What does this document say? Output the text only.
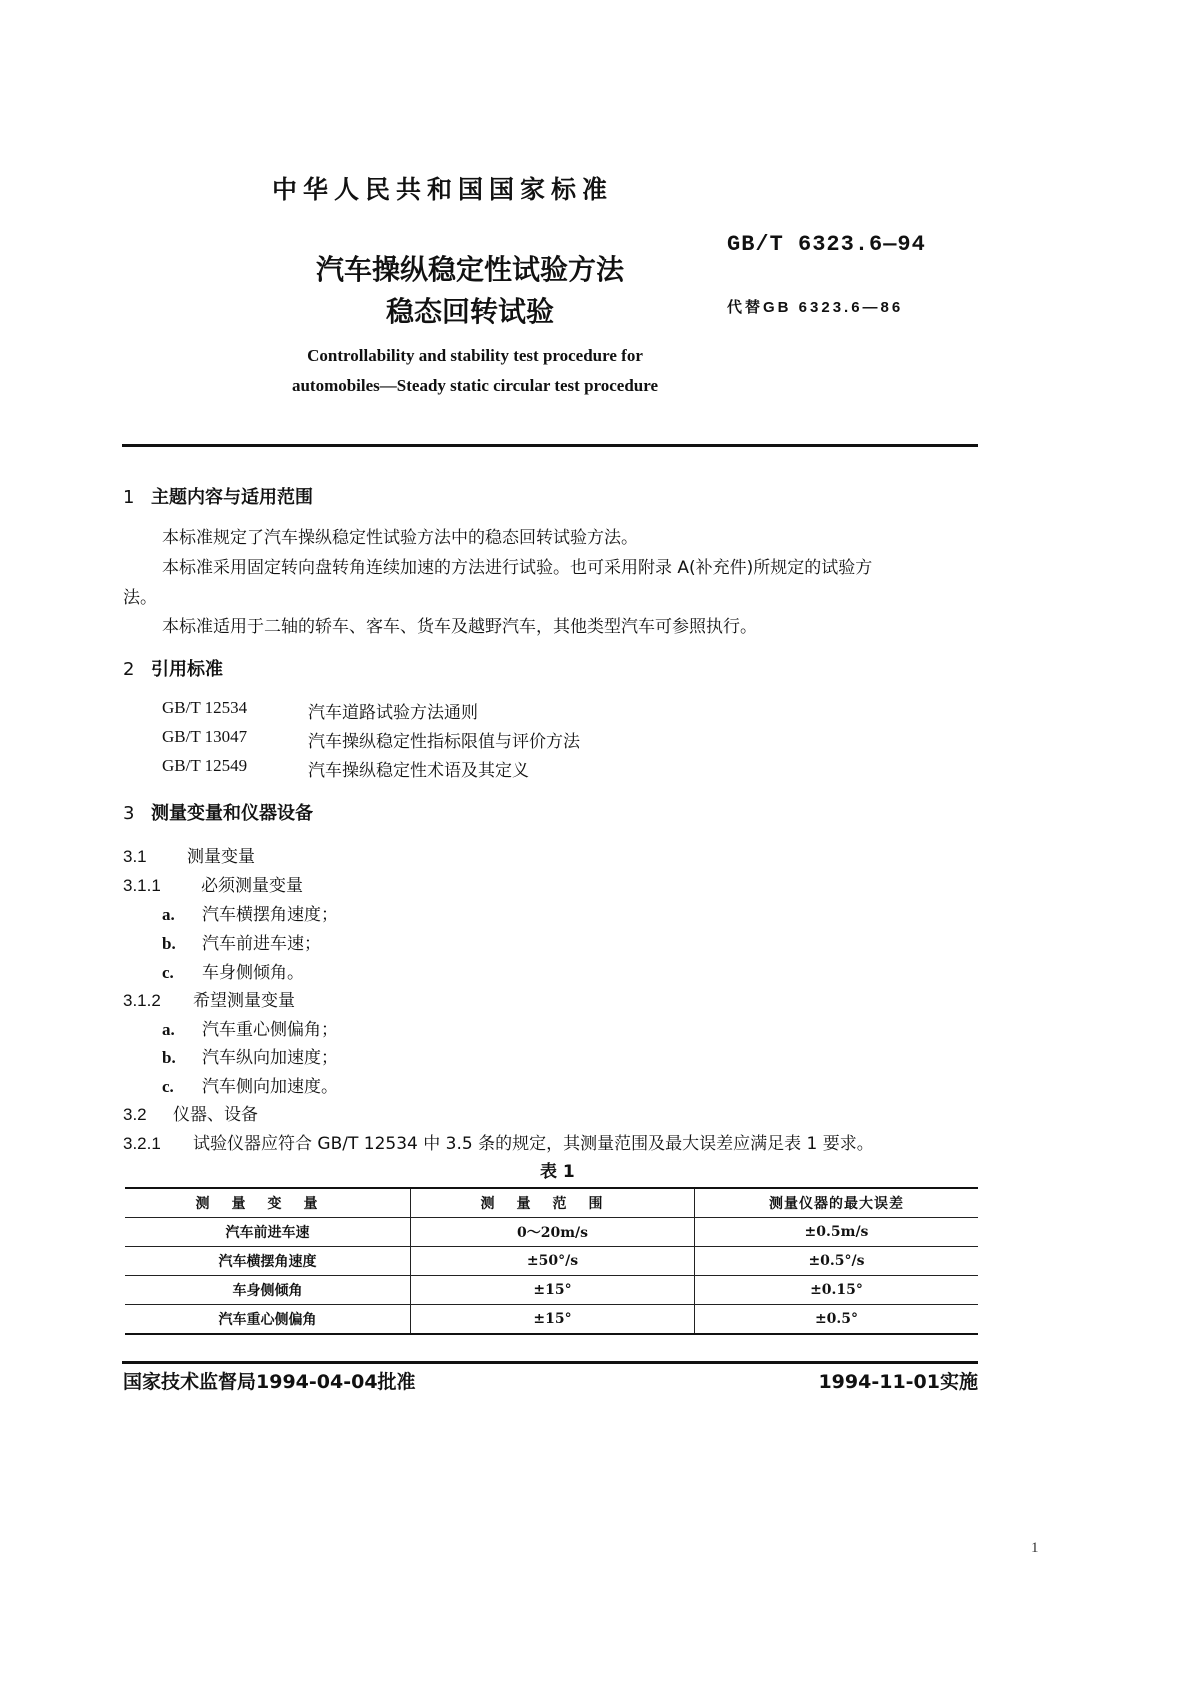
中华人民共和国国家标准
汽车操纵稳定性试验方法
稳态回转试验
GB/T 6323.6—94
代替GB 6323.6—86
Controllability and stability test procedure for
automobiles—Steady static circular test procedure
1 主题内容与适用范围
本标准规定了汽车操纵稳定性试验方法中的稳态回转试验方法。
本标准采用固定转向盘转角连续加速的方法进行试验。也可采用附录 A(补充件)所规定的试验方
法。
本标准适用于二轴的轿车、客车、货车及越野汽车，其他类型汽车可参照执行。
2 引用标准
GB/T 12534	汽车道路试验方法通则
GB/T 13047	汽车操纵稳定性指标限值与评价方法
GB/T 12549	汽车操纵稳定性术语及其定义
3 测量变量和仪器设备
3.1 测量变量
3.1.1 必须测量变量
a. 汽车横摆角速度；
b. 汽车前进车速；
c. 车身侧倾角。
3.1.2 希望测量变量
a. 汽车重心侧偏角；
b. 汽车纵向加速度；
c. 汽车侧向加速度。
3.2 仪器、设备
3.2.1 试验仪器应符合 GB/T 12534 中 3.5 条的规定，其测量范围及最大误差应满足表 1 要求。
表 1
测量变量	测量范围	测量仪器的最大误差
汽车前进车速	0～20m/s	±0.5m/s
汽车横摆角速度	±50°/s	±0.5°/s
车身侧倾角	±15°	±0.15°
汽车重心侧偏角	±15°	±0.5°
国家技术监督局1994-04-04批准	1994-11-01实施
1
